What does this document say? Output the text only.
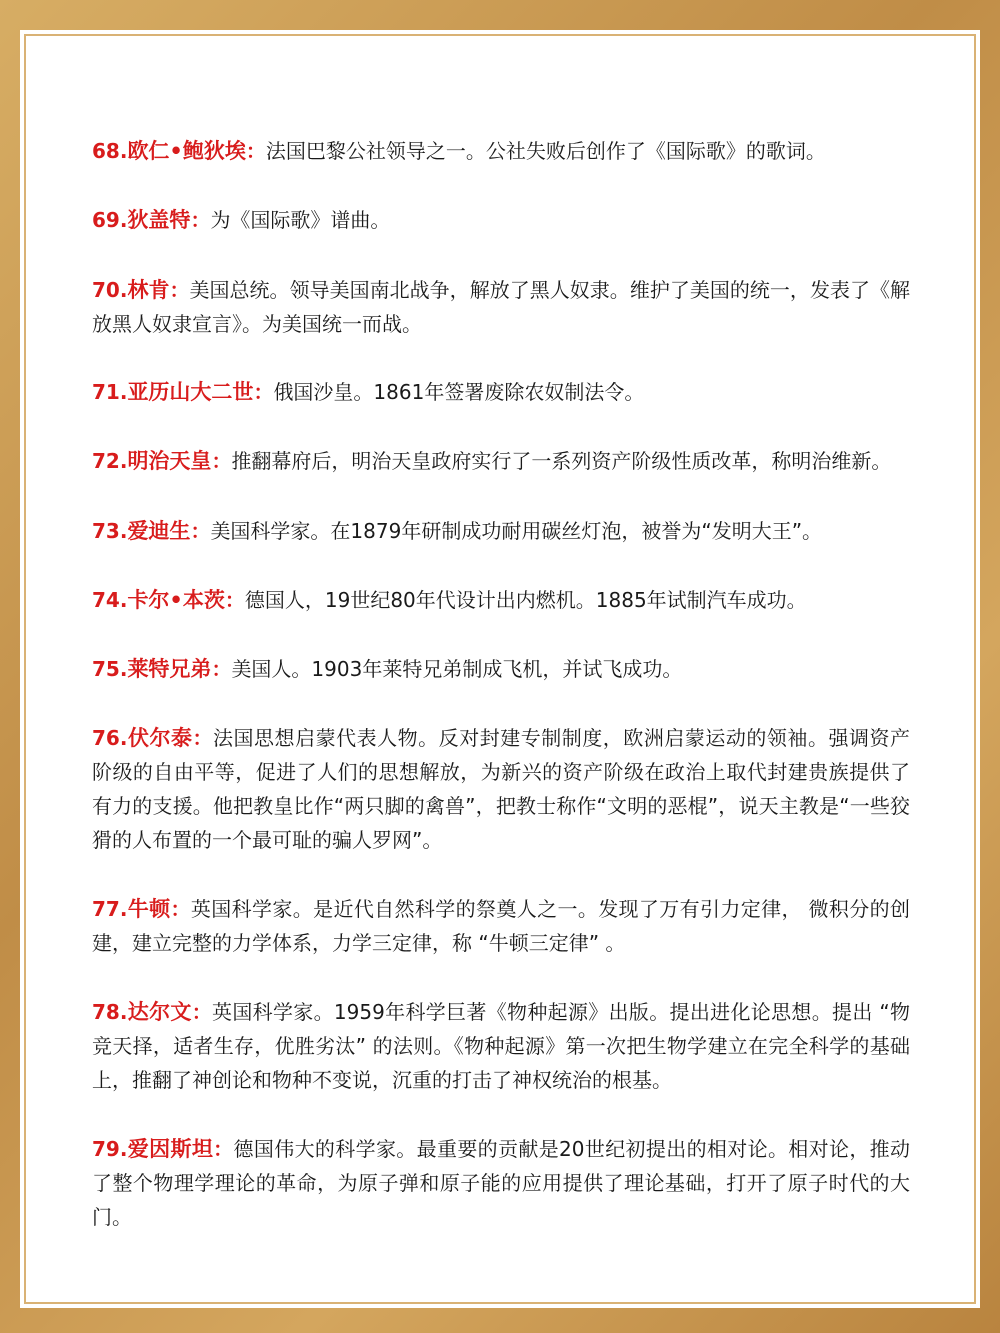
68.欧仁•鲍狄埃：法国巴黎公社领导之一。公社失败后创作了《国际歌》的歌词。

69.狄盖特：为《国际歌》谱曲。

70.林肯：美国总统。领导美国南北战争，解放了黑人奴隶。维护了美国的统一，发表了《解放黑人奴隶宣言》。为美国统一而战。

71.亚历山大二世：俄国沙皇。1861年签署废除农奴制法令。

72.明治天皇：推翻幕府后，明治天皇政府实行了一系列资产阶级性质改革，称明治维新。

73.爱迪生：美国科学家。在1879年研制成功耐用碳丝灯泡，被誉为“发明大王”。

74.卡尔•本茨：德国人，19世纪80年代设计出内燃机。1885年试制汽车成功。

75.莱特兄弟：美国人。1903年莱特兄弟制成飞机，并试飞成功。

76.伏尔泰：法国思想启蒙代表人物。反对封建专制制度，欧洲启蒙运动的领袖。强调资产阶级的自由平等，促进了人们的思想解放，为新兴的资产阶级在政治上取代封建贵族提供了有力的支援。他把教皇比作“两只脚的禽兽”，把教士称作“文明的恶棍”，说天主教是“一些狡猾的人布置的一个最可耻的骗人罗网”。

77.牛顿：英国科学家。是近代自然科学的祭奠人之一。发现了万有引力定律， 微积分的创建，建立完整的力学体系，力学三定律，称 “牛顿三定律” 。

78.达尔文：英国科学家。1959年科学巨著《物种起源》出版。提出进化论思想。提出 “物竞天择，适者生存，优胜劣汰” 的法则。《物种起源》第一次把生物学建立在完全科学的基础上，推翻了神创论和物种不变说，沉重的打击了神权统治的根基。

79.爱因斯坦：德国伟大的科学家。最重要的贡献是20世纪初提出的相对论。相对论，推动了整个物理学理论的革命，为原子弹和原子能的应用提供了理论基础，打开了原子时代的大门。
